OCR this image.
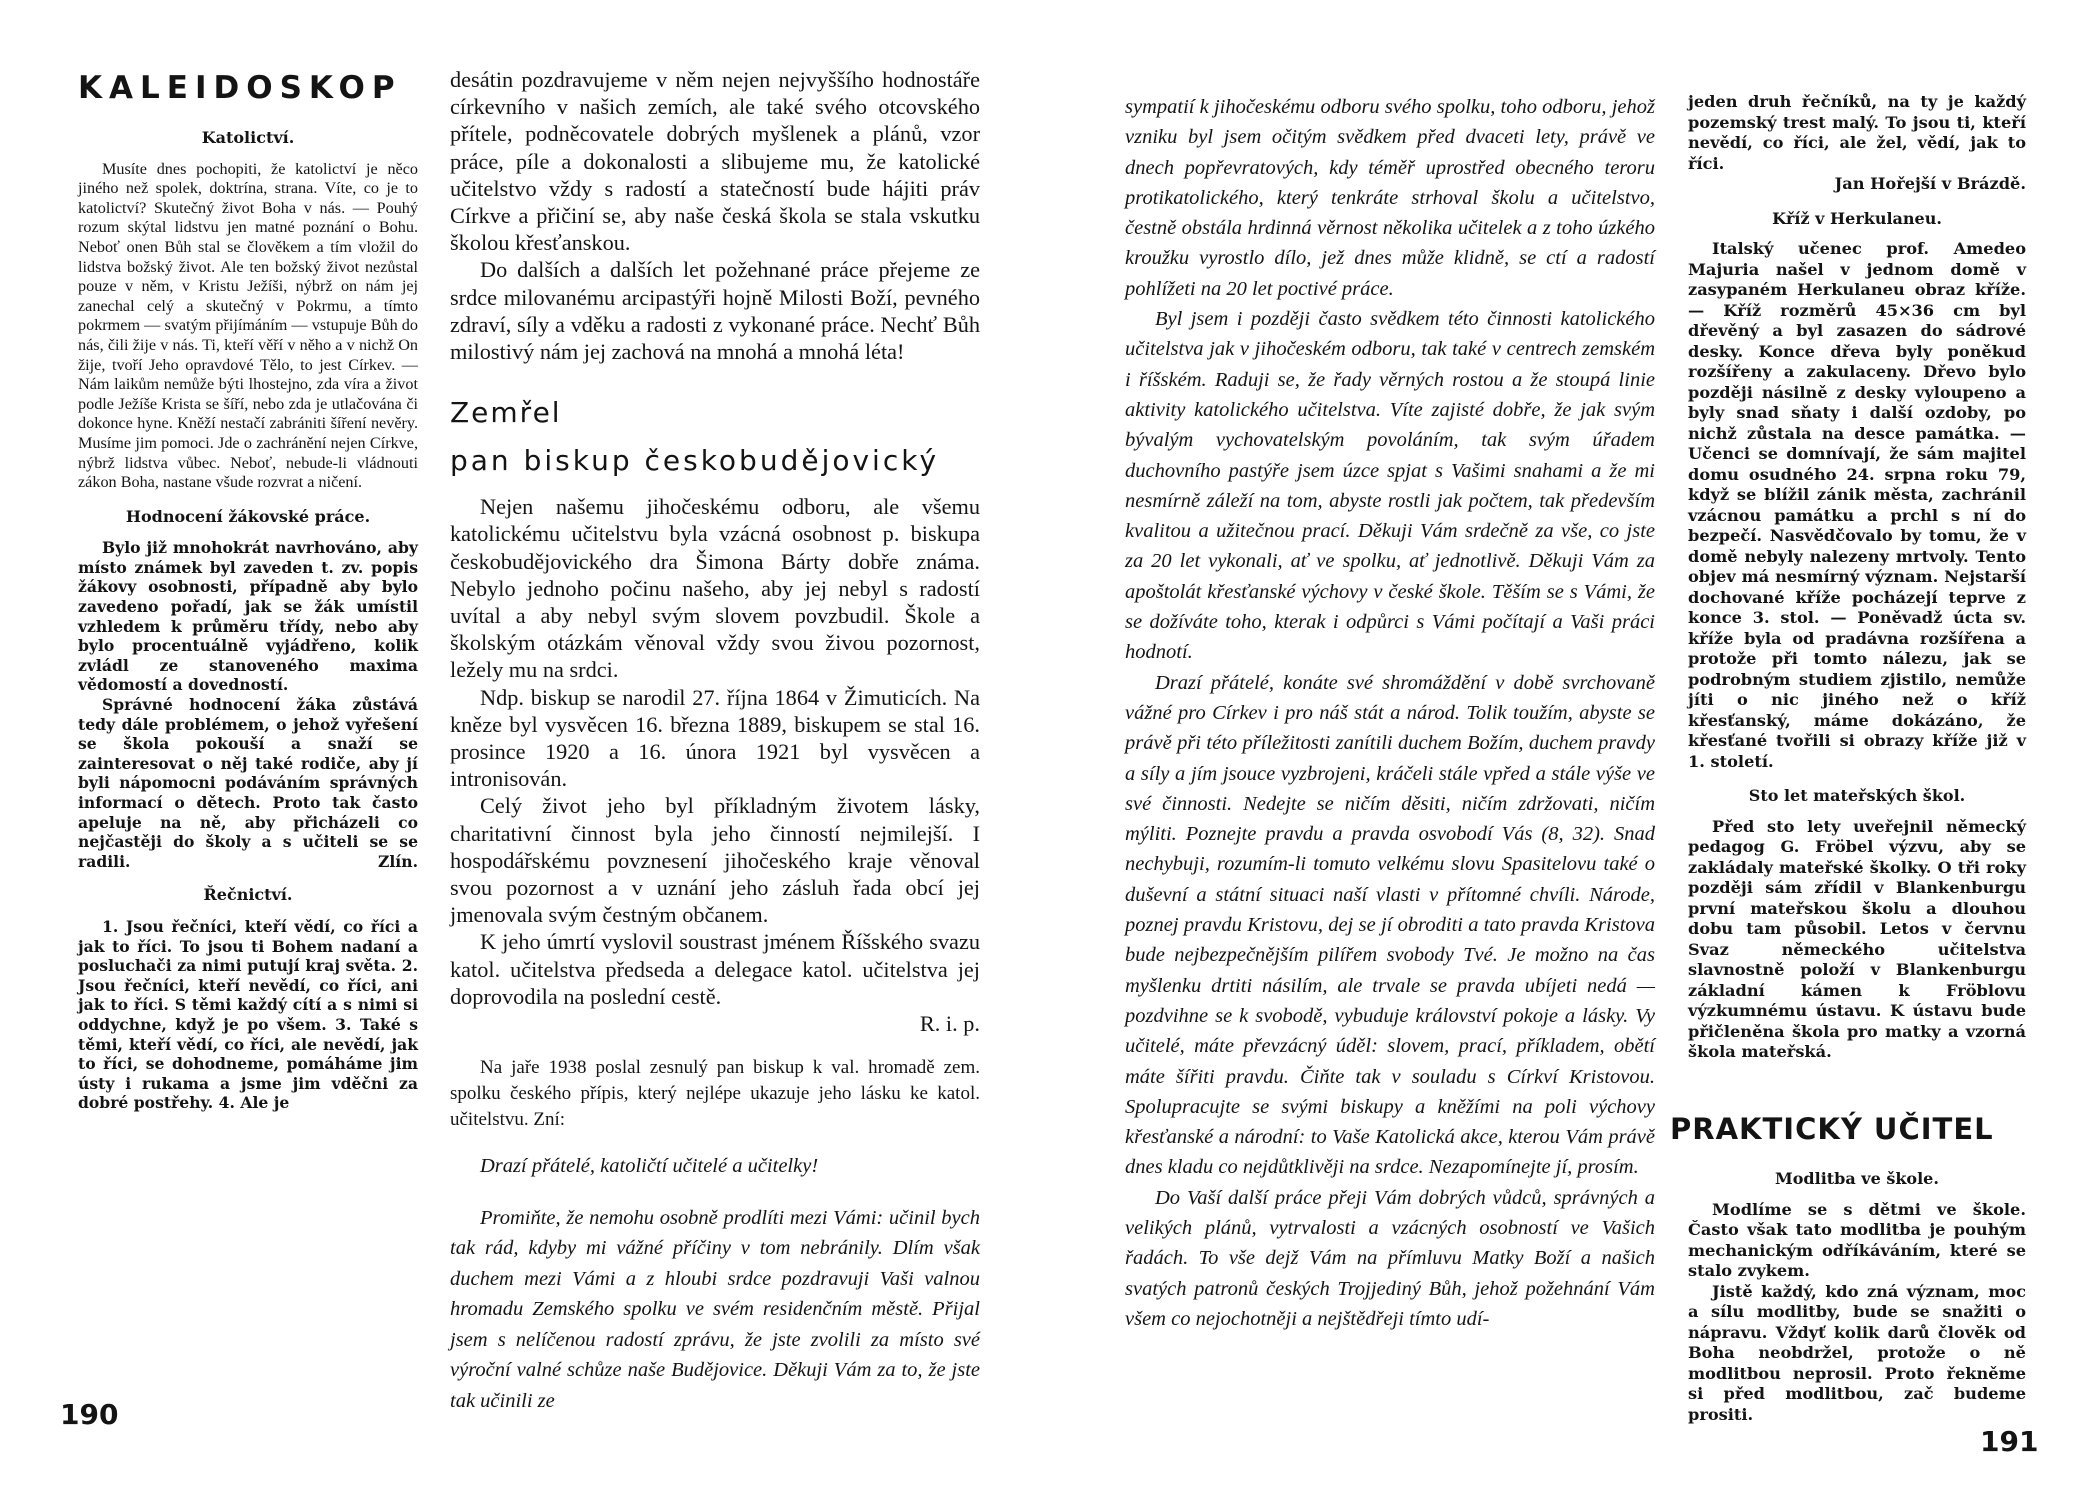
KALEIDOSKOP
Katolictví.

Musíte dnes pochopiti, že katolictví je něco jiného než spolek, doktrína, strana. Víte, co je to katolictví? Skutečný život Boha v nás. — Pouhý rozum skýtal lidstvu jen matné poznání o Bohu. Neboť onen Bůh stal se člověkem a tím vložil do lidstva božský život. Ale ten božský život nezůstal pouze v něm, v Kristu Ježíši, nýbrž on nám jej zanechal celý a skutečný v Pokrmu, a tímto pokrmem — svatým přijímáním — vstupuje Bůh do nás, čili žije v nás. Ti, kteří věří v něho a v nichž On žije, tvoří Jeho opravdové Tělo, to jest Církev. — Nám laikům nemůže býti lhostejno, zda víra a život podle Ježíše Krista se šíří, nebo zda je utlačována či dokonce hyne. Kněží nestačí zabrániti šíření nevěry. Musíme jim pomoci. Jde o zachránění nejen Církve, nýbrž lidstva vůbec. Neboť, nebude-li vládnouti zákon Boha, nastane všude rozvrat a ničení.

Hodnocení žákovské práce.

Bylo již mnohokrát navrhováno, aby místo známek byl zaveden t. zv. popis žákovy osobnosti, případně aby bylo zavedeno pořadí, jak se žák umístil vzhledem k průměru třídy, nebo aby bylo procentuálně vyjádřeno, kolik zvládl ze stanoveného maxima vědomostí a dovedností.

Správné hodnocení žáka zůstává tedy dále problémem, o jehož vyřešení se škola pokouší a snaží se zainteresovat o něj také rodiče, aby jí byli nápomocni podáváním správných informací o dětech. Proto tak často apeluje na ně, aby přicházeli co nejčastěji do školy a s učiteli se se radili.	Zlín.

Řečnictví.

1. Jsou řečníci, kteří vědí, co říci a jak to říci. To jsou ti Bohem nadaní a posluchači za nimi putují kraj světa. 2. Jsou řečníci, kteří nevědí, co říci, ani jak to říci. S těmi každý cítí a s nimi si oddychne, když je po všem. 3. Také s těmi, kteří vědí, co říci, ale nevědí, jak to říci, se dohodneme, pomáháme jim ústy i rukama a jsme jim vděčni za dobré postřehy. 4. Ale je

desátin pozdravujeme v něm nejen nejvyššího hodnostáře církevního v našich zemích, ale také svého otcovského přítele, podněcovatele dobrých myšlenek a plánů, vzor práce, píle a dokonalosti a slibujeme mu, že katolické učitelstvo vždy s radostí a statečností bude hájiti práv Církve a přičiní se, aby naše česká škola se stala vskutku školou křesťanskou.

Do dalších a dalších let požehnané práce přejeme ze srdce milovanému arcipastýři hojně Milosti Boží, pevného zdraví, síly a vděku a radosti z vykonané práce. Nechť Bůh milostivý nám jej zachová na mnohá a mnohá léta!

Zemřel
pan biskup českobudějovický

Nejen našemu jihočeskému odboru, ale všemu katolickému učitelstvu byla vzácná osobnost p. biskupa českobudějovického dra Šimona Bárty dobře známa. Nebylo jednoho počinu našeho, aby jej nebyl s radostí uvítal a aby nebyl svým slovem povzbudil. Škole a školským otázkám věnoval vždy svou živou pozornost, ležely mu na srdci.

Ndp. biskup se narodil 27. října 1864 v Žimuticích. Na kněze byl vysvěcen 16. března 1889, biskupem se stal 16. prosince 1920 a 16. února 1921 byl vysvěcen a intronisován.

Celý život jeho byl příkladným životem lásky, charitativní činnost byla jeho činností nejmilejší. I hospodářskému povznesení jihočeského kraje věnoval svou pozornost a v uznání jeho zásluh řada obcí jej jmenovala svým čestným občanem.

K jeho úmrtí vyslovil soustrast jménem Říšského svazu katol. učitelstva předseda a delegace katol. učitelstva jej doprovodila na poslední cestě.

R. i. p.

Na jaře 1938 poslal zesnulý pan biskup k val. hromadě zem. spolku českého přípis, který nejlépe ukazuje jeho lásku ke katol. učitelstvu. Zní:

Drazí přátelé, katoličtí učitelé a učitelky!

Promiňte, že nemohu osobně prodlíti mezi Vámi: učinil bych tak rád, kdyby mi vážné příčiny v tom nebránily. Dlím však duchem mezi Vámi a z hloubi srdce pozdravuji Vaši valnou hromadu Zemského spolku ve svém residenčním městě. Přijal jsem s nelíčenou radostí zprávu, že jste zvolili za místo své výroční valné schůze naše Budějovice. Děkuji Vám za to, že jste tak učinili ze

190

sympatií k jihočeskému odboru svého spolku, toho odboru, jehož vzniku byl jsem očitým svědkem před dvaceti lety, právě ve dnech popřevratových, kdy téměř uprostřed obecného teroru protikatolického, který tenkráte strhoval školu a učitelstvo, čestně obstála hrdinná věrnost několika učitelek a z toho úzkého kroužku vyrostlo dílo, jež dnes může klidně, se ctí a radostí pohlížeti na 20 let poctivé práce.

Byl jsem i později často svědkem této činnosti katolického učitelstva jak v jihočeském odboru, tak také v centrech zemském i říšském. Raduji se, že řady věrných rostou a že stoupá linie aktivity katolického učitelstva. Víte zajisté dobře, že jak svým bývalým vychovatelským povoláním, tak svým úřadem duchovního pastýře jsem úzce spjat s Vašimi snahami a že mi nesmírně záleží na tom, abyste rostli jak počtem, tak především kvalitou a užitečnou prací. Děkuji Vám srdečně za vše, co jste za 20 let vykonali, ať ve spolku, ať jednotlivě. Děkuji Vám za apoštolát křesťanské výchovy v české škole. Těším se s Vámi, že se dožíváte toho, kterak i odpůrci s Vámi počítají a Vaši práci hodnotí.

Drazí přátelé, konáte své shromáždění v době svrchovaně vážné pro Církev i pro náš stát a národ. Tolik toužím, abyste se právě při této příležitosti zanítili duchem Božím, duchem pravdy a síly a jím jsouce vyzbrojeni, kráčeli stále vpřed a stále výše ve své činnosti. Nedejte se ničím děsiti, ničím zdržovati, ničím mýliti. Poznejte pravdu a pravda osvobodí Vás (8, 32). Snad nechybuji, rozumím-li tomuto velkému slovu Spasitelovu také o duševní a státní situaci naší vlasti v přítomné chvíli. Národe, poznej pravdu Kristovu, dej se jí obroditi a tato pravda Kristova bude nejbezpečnějším pilířem svobody Tvé. Je možno na čas myšlenku drtiti násilím, ale trvale se pravda ubíjeti nedá — pozdvihne se k svobodě, vybuduje království pokoje a lásky. Vy učitelé, máte převzácný úděl: slovem, prací, příkladem, obětí máte šířiti pravdu. Čiňte tak v souladu s Církví Kristovou. Spolupracujte se svými biskupy a kněžími na poli výchovy křesťanské a národní: to Vaše Katolická akce, kterou Vám právě dnes kladu co nejdůtklivěji na srdce. Nezapomínejte jí, prosím.

Do Vaší další práce přeji Vám dobrých vůdců, správných a velikých plánů, vytrvalosti a vzácných osobností ve Vašich řadách. To vše dejž Vám na přímluvu Matky Boží a našich svatých patronů českých Trojjediný Bůh, jehož požehnání Vám všem co nejochotněji a nejštědřeji tímto udí-

jeden druh řečníků, na ty je každý pozemský trest malý. To jsou ti, kteří nevědí, co říci, ale žel, vědí, jak to říci.

Jan Hořejší v Brázdě.

Kříž v Herkulaneu.

Italský učenec prof. Amedeo Majuria našel v jednom domě v zasypaném Herkulaneu obraz kříže. — Kříž rozměrů 45×36 cm byl dřevěný a byl zasazen do sádrové desky. Konce dřeva byly poněkud rozšířeny a zakulaceny. Dřevo bylo později násilně z desky vyloupeno a byly snad sňaty i další ozdoby, po nichž zůstala na desce památka. — Učenci se domnívají, že sám majitel domu osudného 24. srpna roku 79, když se blížil zánik města, zachránil vzácnou památku a prchl s ní do bezpečí. Nasvědčovalo by tomu, že v domě nebyly nalezeny mrtvoly. Tento objev má nesmírný význam. Nejstarší dochované kříže pocházejí teprve z konce 3. stol. — Poněvadž úcta sv. kříže byla od pradávna rozšířena a protože při tomto nálezu, jak se podrobným studiem zjistilo, nemůže jíti o nic jiného než o kříž křesťanský, máme dokázáno, že křesťané tvořili si obrazy kříže již v 1. století.

Sto let mateřských škol.

Před sto lety uveřejnil německý pedagog G. Fröbel výzvu, aby se zakládaly mateřské školky. O tři roky později sám zřídil v Blankenburgu první mateřskou školu a dlouhou dobu tam působil. Letos v červnu Svaz německého učitelstva slavnostně položí v Blankenburgu základní kámen k Fröblovu výzkumnému ústavu. K ústavu bude přičleněna škola pro matky a vzorná škola mateřská.

PRAKTICKÝ UČITEL
Modlitba ve škole.

Modlíme se s dětmi ve škole. Často však tato modlitba je pouhým mechanickým odříkáváním, které se stalo zvykem.

Jistě každý, kdo zná význam, moc a sílu modlitby, bude se snažiti o nápravu. Vždyť kolik darů člověk od Boha neobdržel, protože o ně modlitbou neprosil. Proto řekněme si před modlitbou, zač budeme prositi.

191
